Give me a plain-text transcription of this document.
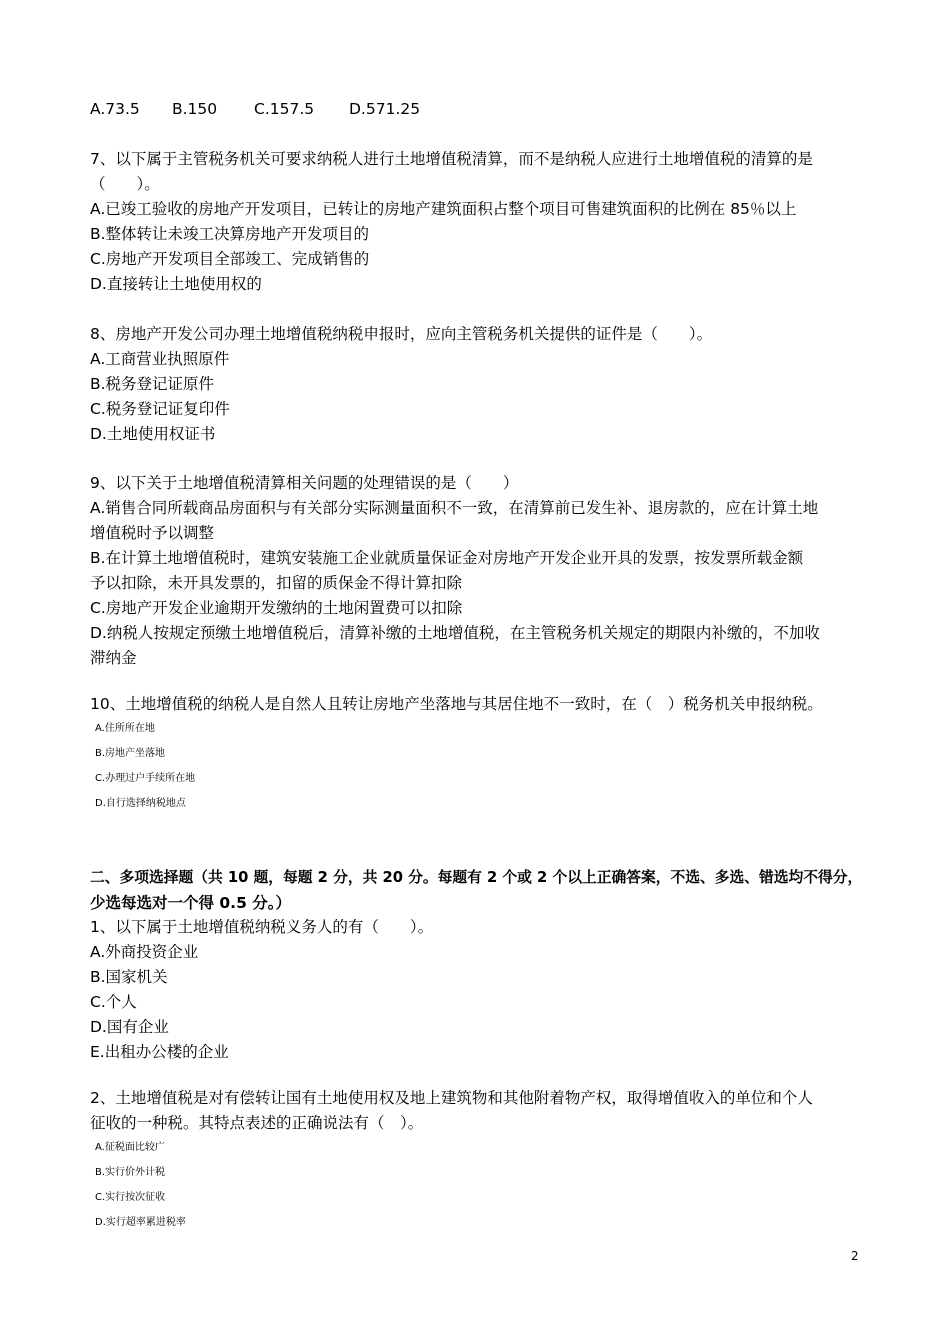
A.73.5 B.150 C.157.5 D.571.25
7、以下属于主管税务机关可要求纳税人进行土地增值税清算，而不是纳税人应进行土地增值税的清算的是
（　　）。
A.已竣工验收的房地产开发项目，已转让的房地产建筑面积占整个项目可售建筑面积的比例在 85％以上
B.整体转让未竣工决算房地产开发项目的
C.房地产开发项目全部竣工、完成销售的
D.直接转让土地使用权的
8、房地产开发公司办理土地增值税纳税申报时，应向主管税务机关提供的证件是（　　）。
A.工商营业执照原件
B.税务登记证原件
C.税务登记证复印件
D.土地使用权证书
9、以下关于土地增值税清算相关问题的处理错误的是（　　）
A.销售合同所载商品房面积与有关部分实际测量面积不一致，在清算前已发生补、退房款的，应在计算土地
增值税时予以调整
B.在计算土地增值税时，建筑安装施工企业就质量保证金对房地产开发企业开具的发票，按发票所载金额
予以扣除，未开具发票的，扣留的质保金不得计算扣除
C.房地产开发企业逾期开发缴纳的土地闲置费可以扣除
D.纳税人按规定预缴土地增值税后，清算补缴的土地增值税，在主管税务机关规定的期限内补缴的，不加收
滞纳金
10、土地增值税的纳税人是自然人且转让房地产坐落地与其居住地不一致时，在（　）税务机关申报纳税。
A.住所所在地
B.房地产坐落地
C.办理过户手续所在地
D.自行选择纳税地点
二、多项选择题（共 10 题，每题 2 分，共 20 分。每题有 2 个或 2 个以上正确答案，不选、多选、错选均不得分，
少选每选对一个得 0.5 分。）
1、以下属于土地增值税纳税义务人的有（　　）。
A.外商投资企业
B.国家机关
C.个人
D.国有企业
E.出租办公楼的企业
2、土地增值税是对有偿转让国有土地使用权及地上建筑物和其他附着物产权，取得增值收入的单位和个人
征收的一种税。其特点表述的正确说法有（　）。
A.征税面比较广
B.实行价外计税
C.实行按次征收
D.实行超率累进税率
2
